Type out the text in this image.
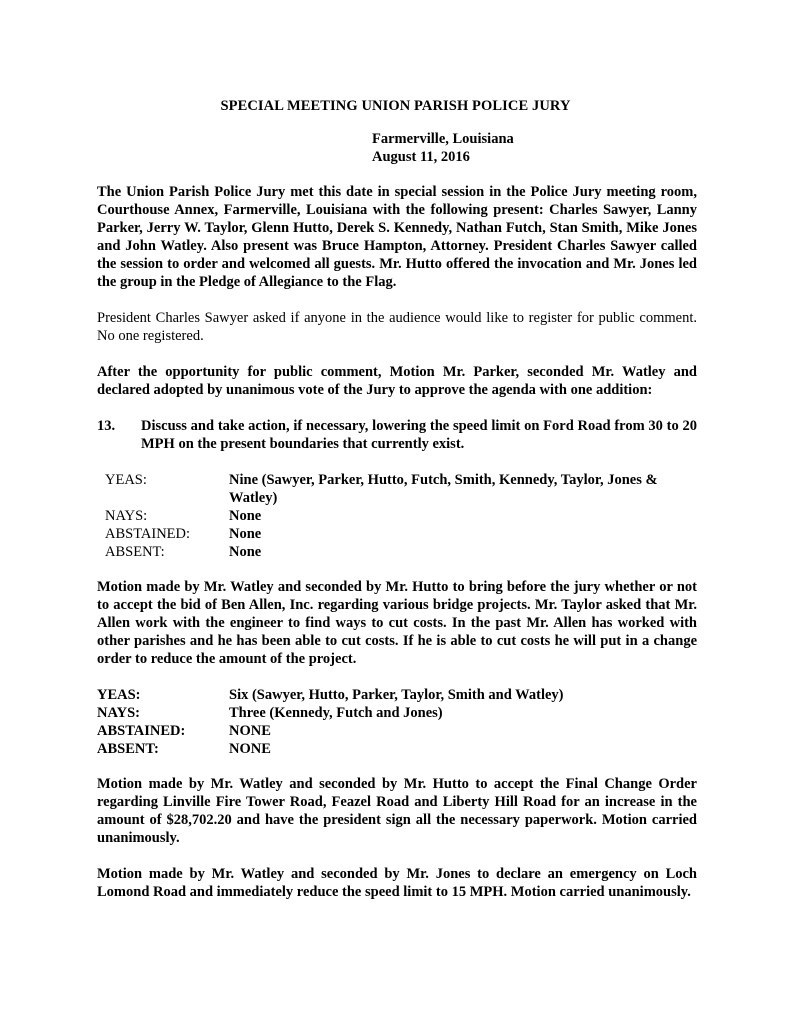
SPECIAL MEETING UNION PARISH POLICE JURY
Farmerville, Louisiana
August 11, 2016

The Union Parish Police Jury met this date in special session in the Police Jury meeting room, Courthouse Annex, Farmerville, Louisiana with the following present: Charles Sawyer, Lanny Parker, Jerry W. Taylor, Glenn Hutto, Derek S. Kennedy, Nathan Futch, Stan Smith, Mike Jones and John Watley. Also present was Bruce Hampton, Attorney. President Charles Sawyer called the session to order and welcomed all guests. Mr. Hutto offered the invocation and Mr. Jones led the group in the Pledge of Allegiance to the Flag.

President Charles Sawyer asked if anyone in the audience would like to register for public comment. No one registered.

After the opportunity for public comment, Motion Mr. Parker, seconded Mr. Watley and declared adopted by unanimous vote of the Jury to approve the agenda with one addition:

13. Discuss and take action, if necessary, lowering the speed limit on Ford Road from 30 to 20 MPH on the present boundaries that currently exist.
YEAS:	Nine (Sawyer, Parker, Hutto, Futch, Smith, Kennedy, Taylor, Jones & Watley)
NAYS:	None
ABSTAINED:	None
ABSENT:	None

Motion made by Mr. Watley and seconded by Mr. Hutto to bring before the jury whether or not to accept the bid of Ben Allen, Inc. regarding various bridge projects. Mr. Taylor asked that Mr. Allen work with the engineer to find ways to cut costs. In the past Mr. Allen has worked with other parishes and he has been able to cut costs. If he is able to cut costs he will put in a change order to reduce the amount of the project.

YEAS:	Six (Sawyer, Hutto, Parker, Taylor, Smith and Watley)
NAYS:	Three (Kennedy, Futch and Jones)
ABSTAINED:	NONE
ABSENT:	NONE

Motion made by Mr. Watley and seconded by Mr. Hutto to accept the Final Change Order regarding Linville Fire Tower Road, Feazel Road and Liberty Hill Road for an increase in the amount of $28,702.20 and have the president sign all the necessary paperwork. Motion carried unanimously.

Motion made by Mr. Watley and seconded by Mr. Jones to declare an emergency on Loch Lomond Road and immediately reduce the speed limit to 15 MPH. Motion carried unanimously.
